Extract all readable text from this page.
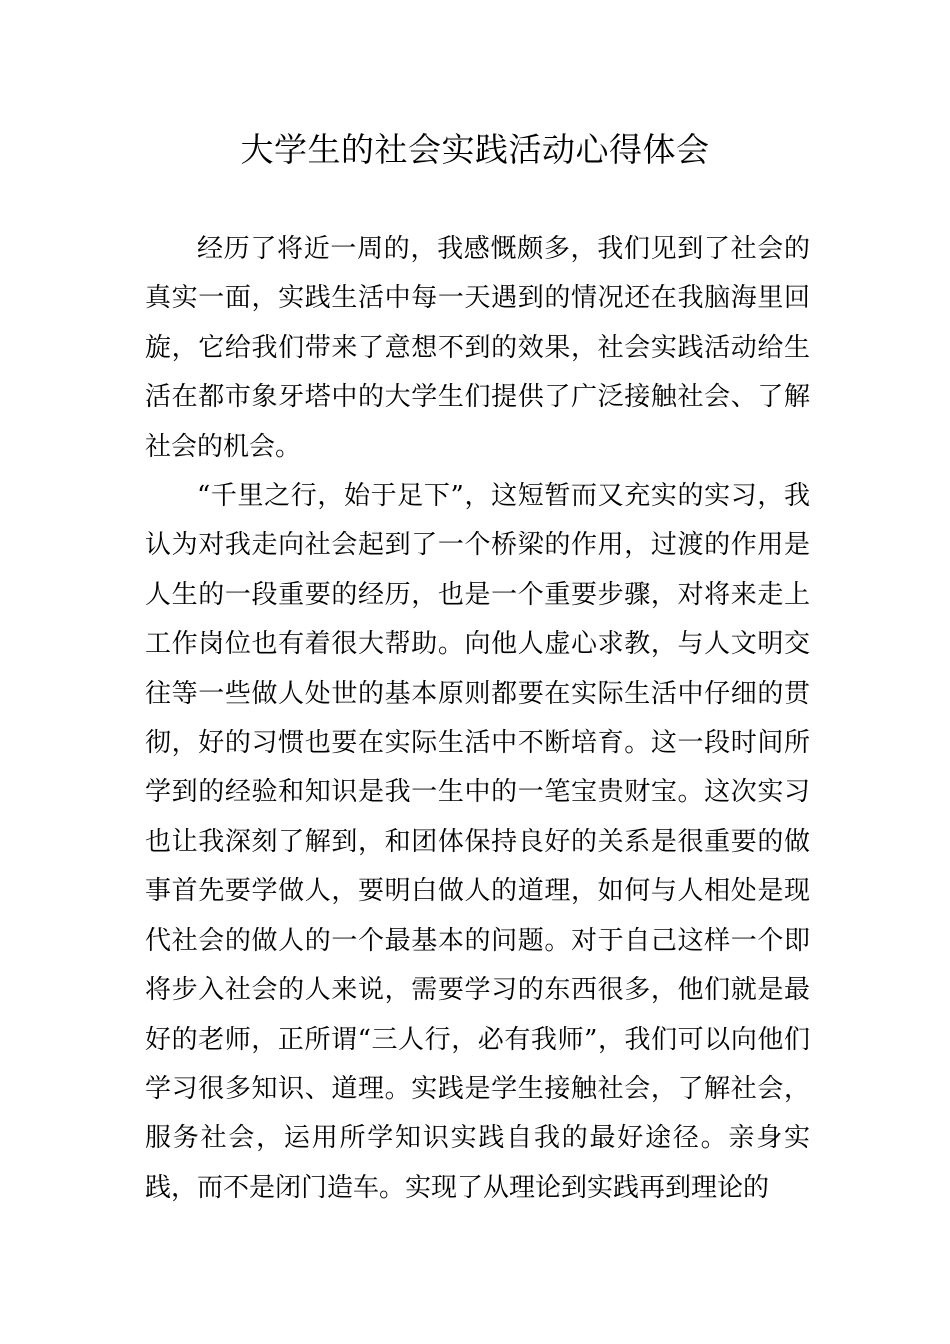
大学生的社会实践活动心得体会

经历了将近一周的，我感慨颇多，我们见到了社会的真实一面，实践生活中每一天遇到的情况还在我脑海里回旋，它给我们带来了意想不到的效果，社会实践活动给生活在都市象牙塔中的大学生们提供了广泛接触社会、了解社会的机会。

“千里之行，始于足下”，这短暂而又充实的实习，我认为对我走向社会起到了一个桥梁的作用，过渡的作用是人生的一段重要的经历，也是一个重要步骤，对将来走上工作岗位也有着很大帮助。向他人虚心求教，与人文明交往等一些做人处世的基本原则都要在实际生活中仔细的贯彻，好的习惯也要在实际生活中不断培育。这一段时间所学到的经验和知识是我一生中的一笔宝贵财宝。这次实习也让我深刻了解到，和团体保持良好的关系是很重要的做事首先要学做人，要明白做人的道理，如何与人相处是现代社会的做人的一个最基本的问题。对于自己这样一个即将步入社会的人来说，需要学习的东西很多，他们就是最好的老师，正所谓“三人行，必有我师”，我们可以向他们学习很多知识、道理。实践是学生接触社会，了解社会，服务社会，运用所学知识实践自我的最好途径。亲身实践，而不是闭门造车。实现了从理论到实践再到理论的
